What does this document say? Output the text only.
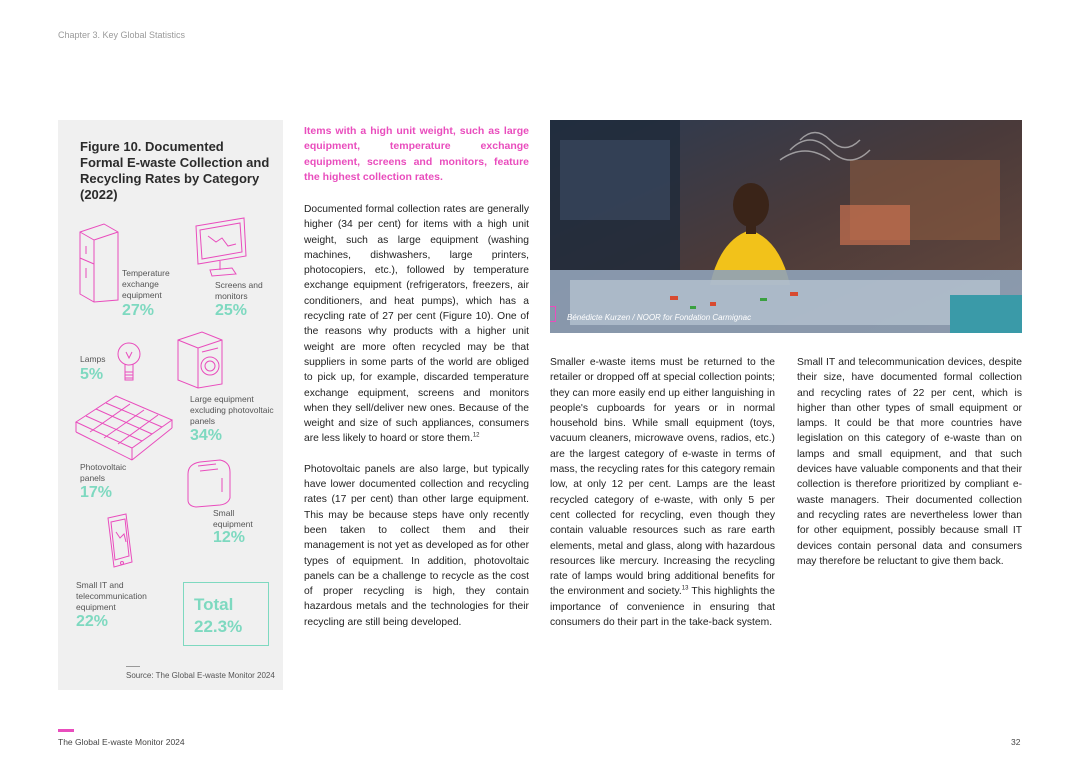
Chapter 3. Key Global Statistics
Figure 10. Documented Formal E-waste Collection and Recycling Rates by Category (2022)
Temperature exchange equipment
27%
Screens and monitors
25%
Lamps
5%
Large equipment excluding photovoltaic panels
34%
Photovoltaic panels
17%
Small equipment
12%
Small IT and telecommunication equipment
22%
Total
22.3%
Source: The Global E-waste Monitor 2024
Items with a high unit weight, such as large equipment, temperature exchange equipment, screens and monitors, feature the highest collection rates.

Documented formal collection rates are generally higher (34 per cent) for items with a high unit weight, such as large equipment (washing machines, dishwashers, large printers, photocopiers, etc.), followed by temperature exchange equipment (refrigerators, freezers, air conditioners, and heat pumps), which has a recycling rate of 27 per cent (Figure 10). One of the reasons why products with a higher unit weight are more often recycled may be that suppliers in some parts of the world are obliged to pick up, for example, discarded temperature exchange equipment, screens and monitors when they sell/deliver new ones. Because of the weight and size of such appliances, consumers are less likely to hoard or store them.$^{12}$

Photovoltaic panels are also large, but typically have lower documented collection and recycling rates (17 per cent) than other large equipment. This may be because steps have only recently been taken to collect them and their management is not yet as developed as for other types of equipment. In addition, photovoltaic panels can be a challenge to recycle as the cost of proper recycling is high, they contain hazardous metals and the technologies for their recycling are still being developed.

Bénédicte Kurzen / NOOR for Fondation Carmignac

Smaller e-waste items must be returned to the retailer or dropped off at special collection points; they can more easily end up either languishing in people's cupboards for years or in normal household bins. While small equipment (toys, vacuum cleaners, microwave ovens, radios, etc.) are the largest category of e-waste in terms of mass, the recycling rates for this category remain low, at only 12 per cent. Lamps are the least recycled category of e-waste, with only 5 per cent collected for recycling, even though they contain valuable resources such as rare earth elements, metal and glass, along with hazardous resources like mercury. Increasing the recycling rate of lamps would bring additional benefits for the environment and society.$^{13}$ This highlights the importance of convenience in ensuring that consumers do their part in the take-back system.

Small IT and telecommunication devices, despite their size, have documented formal collection and recycling rates of 22 per cent, which is higher than other types of small equipment or lamps. It could be that more countries have legislation on this category of e-waste than on lamps and small equipment, and that such devices have valuable components and that their collection is therefore prioritized by compliant e-waste managers. Their documented collection and recycling rates are nevertheless lower than for other equipment, possibly because small IT devices contain personal data and consumers may therefore be reluctant to give them back.

The Global E-waste Monitor 2024	32
